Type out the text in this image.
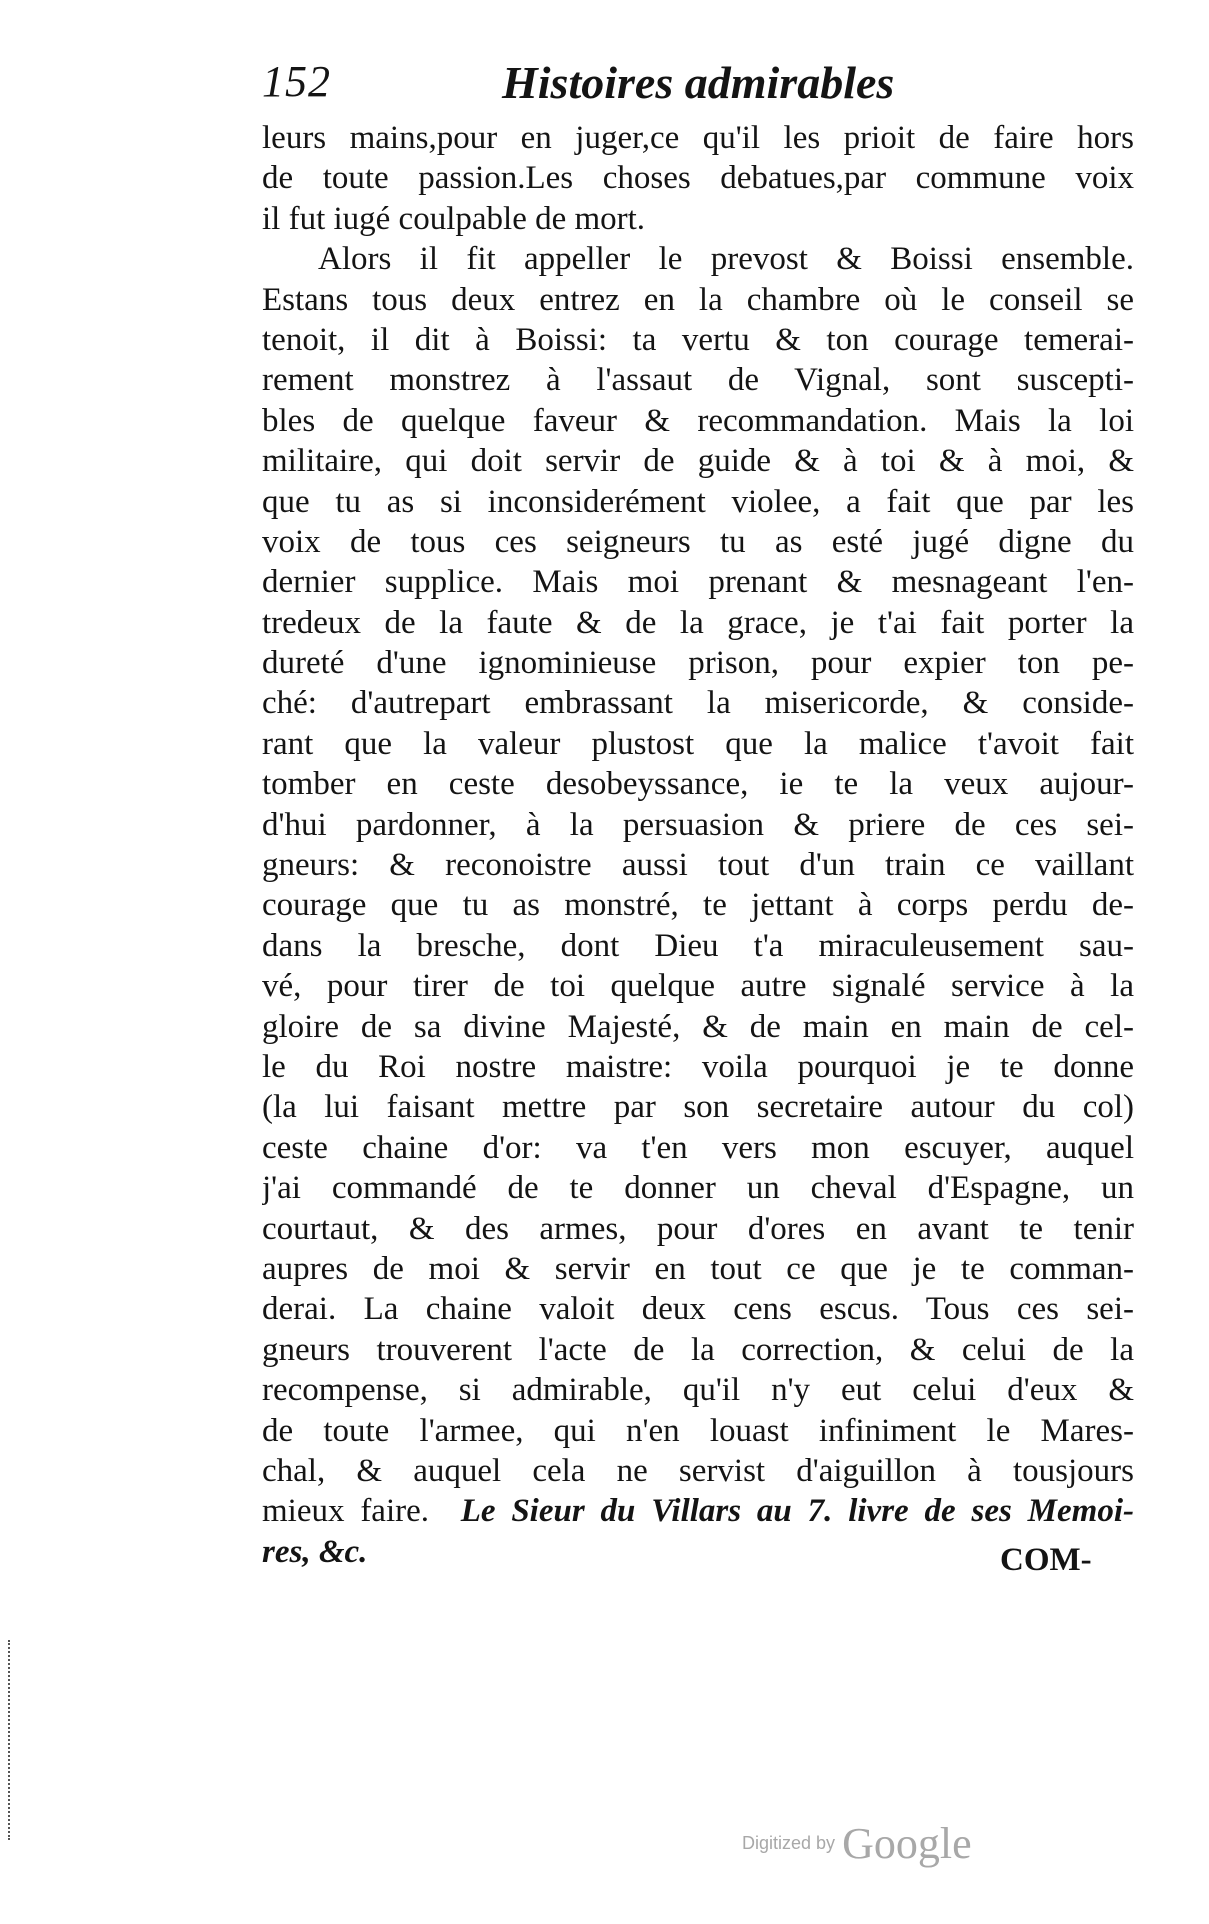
152	Histoires admirables
leurs mains,pour en juger,ce qu'il les prioit de faire hors
de toute passion.Les choses debatues,par commune voix
il fut iugé coulpable de mort.
Alors il fit appeller le prevost & Boissi ensemble.
Estans tous deux entrez en la chambre où le conseil se
tenoit, il dit à Boissi: ta vertu & ton courage temerai-
rement monstrez à l'assaut de Vignal, sont suscepti-
bles de quelque faveur & recommandation. Mais la loi
militaire, qui doit servir de guide & à toi & à moi, &
que tu as si inconsiderément violee, a fait que par les
voix de tous ces seigneurs tu as esté jugé digne du
dernier supplice. Mais moi prenant & mesnageant l'en-
tredeux de la faute & de la grace, je t'ai fait porter la
dureté d'une ignominieuse prison, pour expier ton pe-
ché: d'autrepart embrassant la misericorde, & conside-
rant que la valeur plustost que la malice t'avoit fait
tomber en ceste desobeyssance, ie te la veux aujour-
d'hui pardonner, à la persuasion & priere de ces sei-
gneurs: & reconoistre aussi tout d'un train ce vaillant
courage que tu as monstré, te jettant à corps perdu de-
dans la bresche, dont Dieu t'a miraculeusement sau-
vé, pour tirer de toi quelque autre signalé service à la
gloire de sa divine Majesté, & de main en main de cel-
le du Roi nostre maistre: voila pourquoi je te donne
(la lui faisant mettre par son secretaire autour du col)
ceste chaine d'or: va t'en vers mon escuyer, auquel
j'ai commandé de te donner un cheval d'Espagne, un
courtaut, & des armes, pour d'ores en avant te tenir
aupres de moi & servir en tout ce que je te comman-
derai. La chaine valoit deux cens escus. Tous ces sei-
gneurs trouverent l'acte de la correction, & celui de la
recompense, si admirable, qu'il n'y eut celui d'eux &
de toute l'armee, qui n'en louast infiniment le Mares-
chal, & auquel cela ne servist d'aiguillon à tousjours
mieux faire. Le Sieur du Villars au 7. livre de ses Memoi-
res, &c.	COM-
Digitized by Google
